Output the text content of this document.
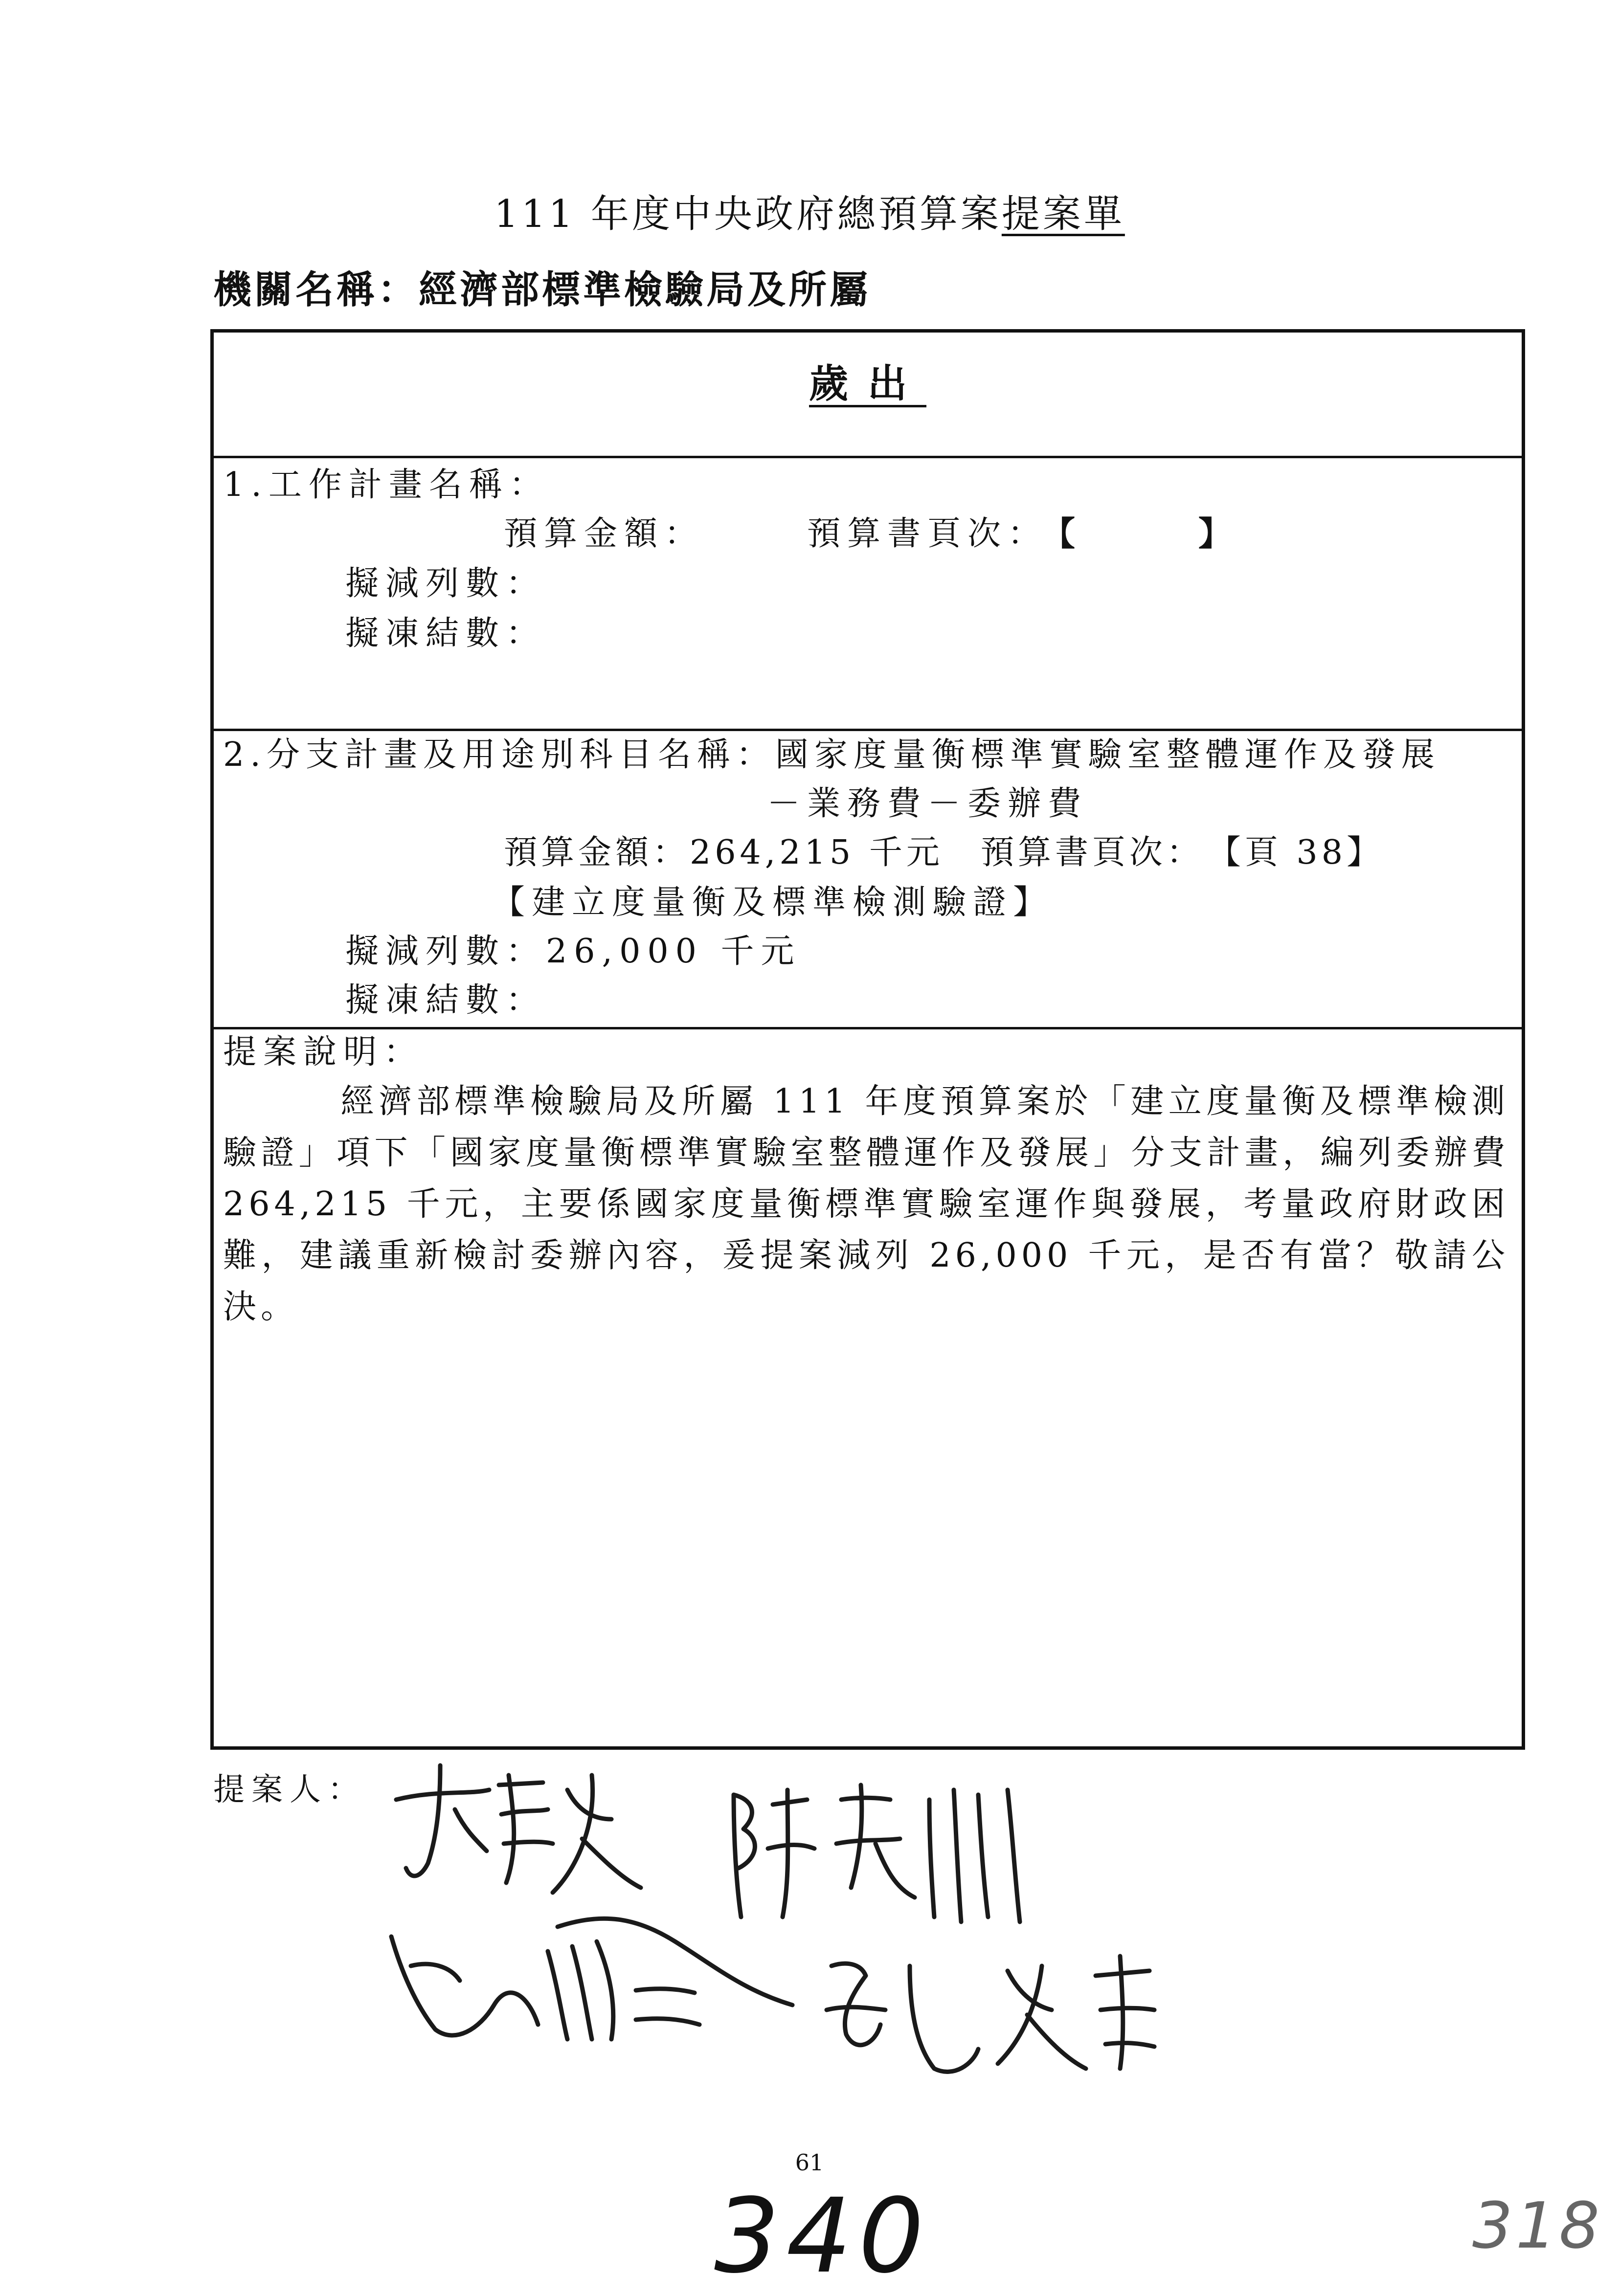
111 年度中央政府總預算案提案單
機關名稱：經濟部標準檢驗局及所屬
歲出
1.工作計畫名稱：
預算金額：	預算書頁次：
【	】
擬減列數：
擬凍結數：
2.分支計畫及用途別科目名稱：國家度量衡標準實驗室整體運作及發展
－業務費－委辦費
預算金額：264,215 千元　預算書頁次：　【頁 38】
【建立度量衡及標準檢測驗證】
擬減列數：26,000 千元
擬凍結數：
提案說明：
經濟部標準檢驗局及所屬 111 年度預算案於「建立度量衡及標準檢測驗證」項下「國家度量衡標準實驗室整體運作及發展」分支計畫，編列委辦費 264,215 千元，主要係國家度量衡標準實驗室運作與發展，考量政府財政困難，建議重新檢討委辦內容，爰提案減列 26,000 千元，是否有當？敬請公決。
提案人：
61
340	318
